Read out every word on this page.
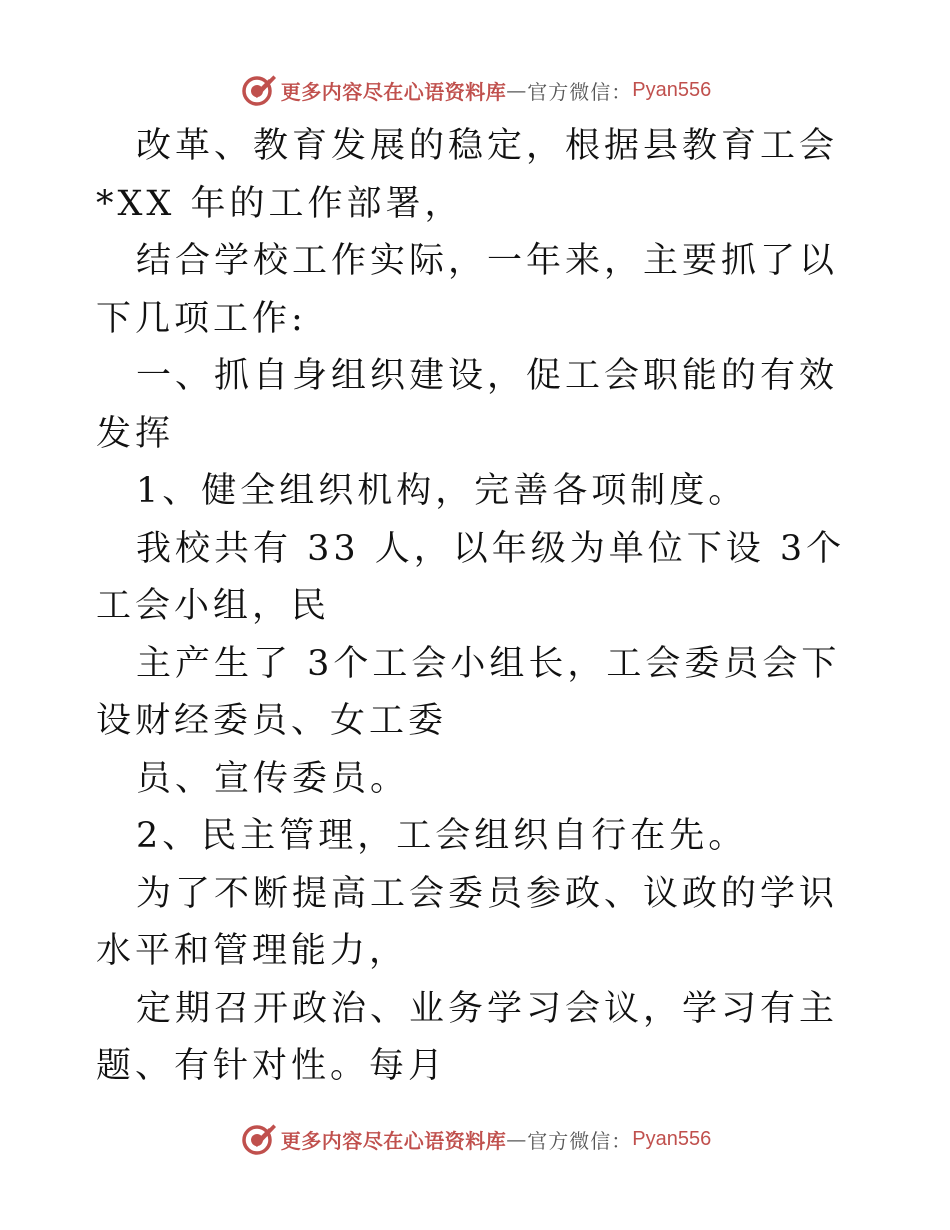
更多内容尽在心语资料库 — 官方微信： Pyan556

改革、教育发展的稳定，根据县教育工会*XX 年的工作部署，

结合学校工作实际，一年来，主要抓了以下几项工作:

一、抓自身组织建设，促工会职能的有效发挥

1、健全组织机构，完善各项制度。

我校共有 33 人，以年级为单位下设 3个工会小组，民

主产生了 3个工会小组长，工会委员会下设财经委员、女工委

员、宣传委员。

2、民主管理，工会组织自行在先。

为了不断提高工会委员参政、议政的学识水平和管理能力，

定期召开政治、业务学习会议，学习有主题、有针对性。每月

更多内容尽在心语资料库 — 官方微信： Pyan556
